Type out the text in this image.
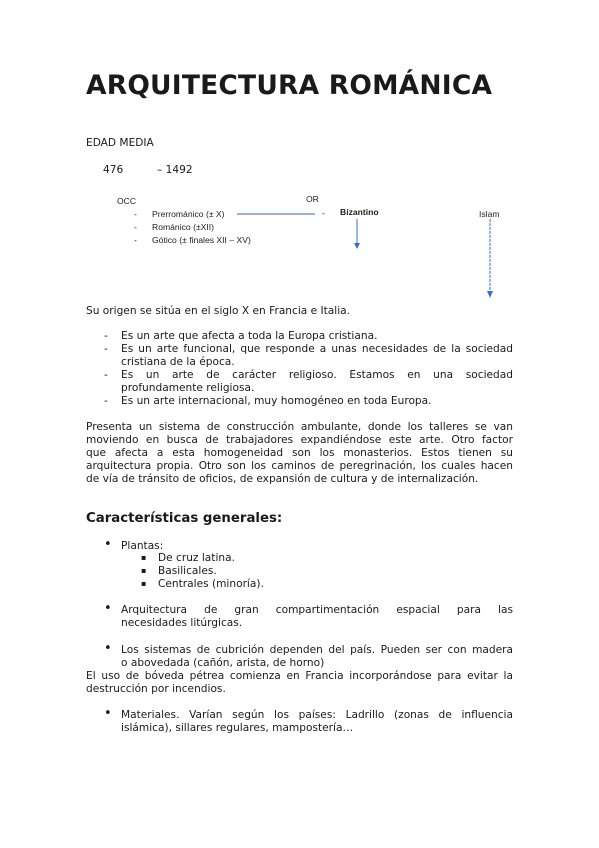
ARQUITECTURA ROMÁNICA
EDAD MEDIA
476	– 1492
OCC	OR
- Prerrománico (± X)
- Románico (±XII)
- Gótico (± finales XII – XV)
- Bizantino	Islam
Su origen se sitúa en el siglo X en Francia e Italia.
-	Es un arte que afecta a toda la Europa cristiana.
-	Es un arte funcional, que responde a unas necesidades de la sociedad
cristiana de la época.
-	Es un arte de carácter religioso. Estamos en una sociedad
profundamente religiosa.
-	Es un arte internacional, muy homogéneo en toda Europa.
Presenta un sistema de construcción ambulante, donde los talleres se van
moviendo en busca de trabajadores expandiéndose este arte. Otro factor
que afecta a esta homogeneidad son los monasterios. Estos tienen su
arquitectura propia. Otro son los caminos de peregrinación, los cuales hacen
de vía de tránsito de oficios, de expansión de cultura y de internalización.
Características generales:
• Plantas:
▪ De cruz latina.
▪ Basilicales.
▪ Centrales (minoría).
• Arquitectura de gran compartimentación espacial para las
necesidades litúrgicas.
• Los sistemas de cubrición dependen del país. Pueden ser con madera
o abovedada (cañón, arista, de horno)
El uso de bóveda pétrea comienza en Francia incorporándose para evitar la
destrucción por incendios.
• Materiales. Varían según los países: Ladrillo (zonas de influencia
islámica), sillares regulares, mampostería…
